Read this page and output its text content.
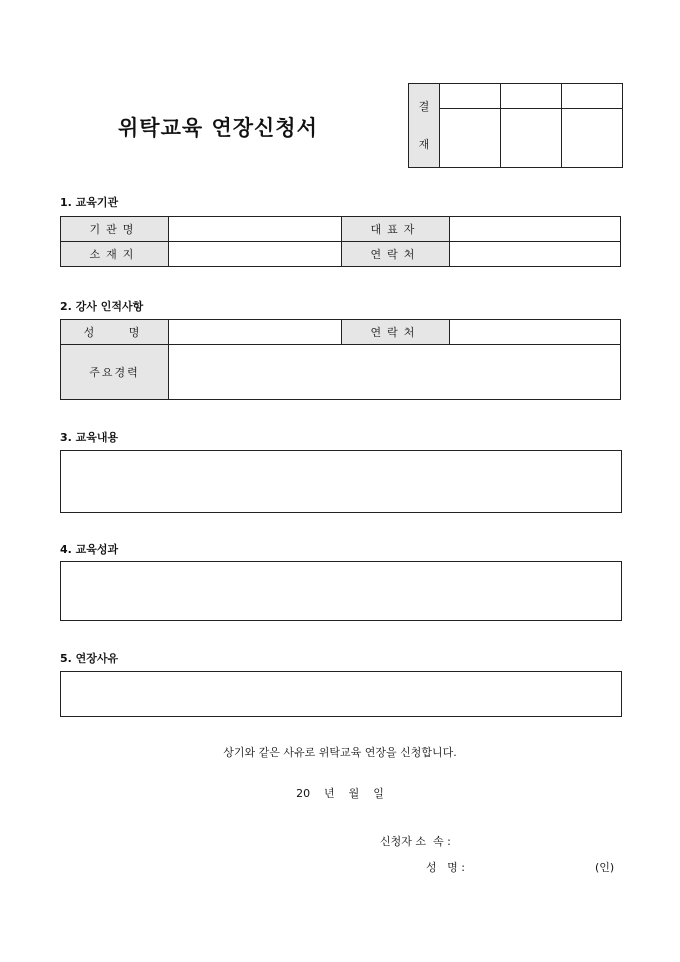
위탁교육 연장신청서
결
재			

1. 교육기관
기관명		대표자	
소재지		연락처	
2. 강사 인적사항
성   명		연락처	
주요경력			
3. 교육내용
4. 교육성과
5. 연장사유
상기와 같은 사유로 위탁교육 연장을 신청합니다.
20    년    월    일
신청자 소  속 :
성   명 :	(인)
